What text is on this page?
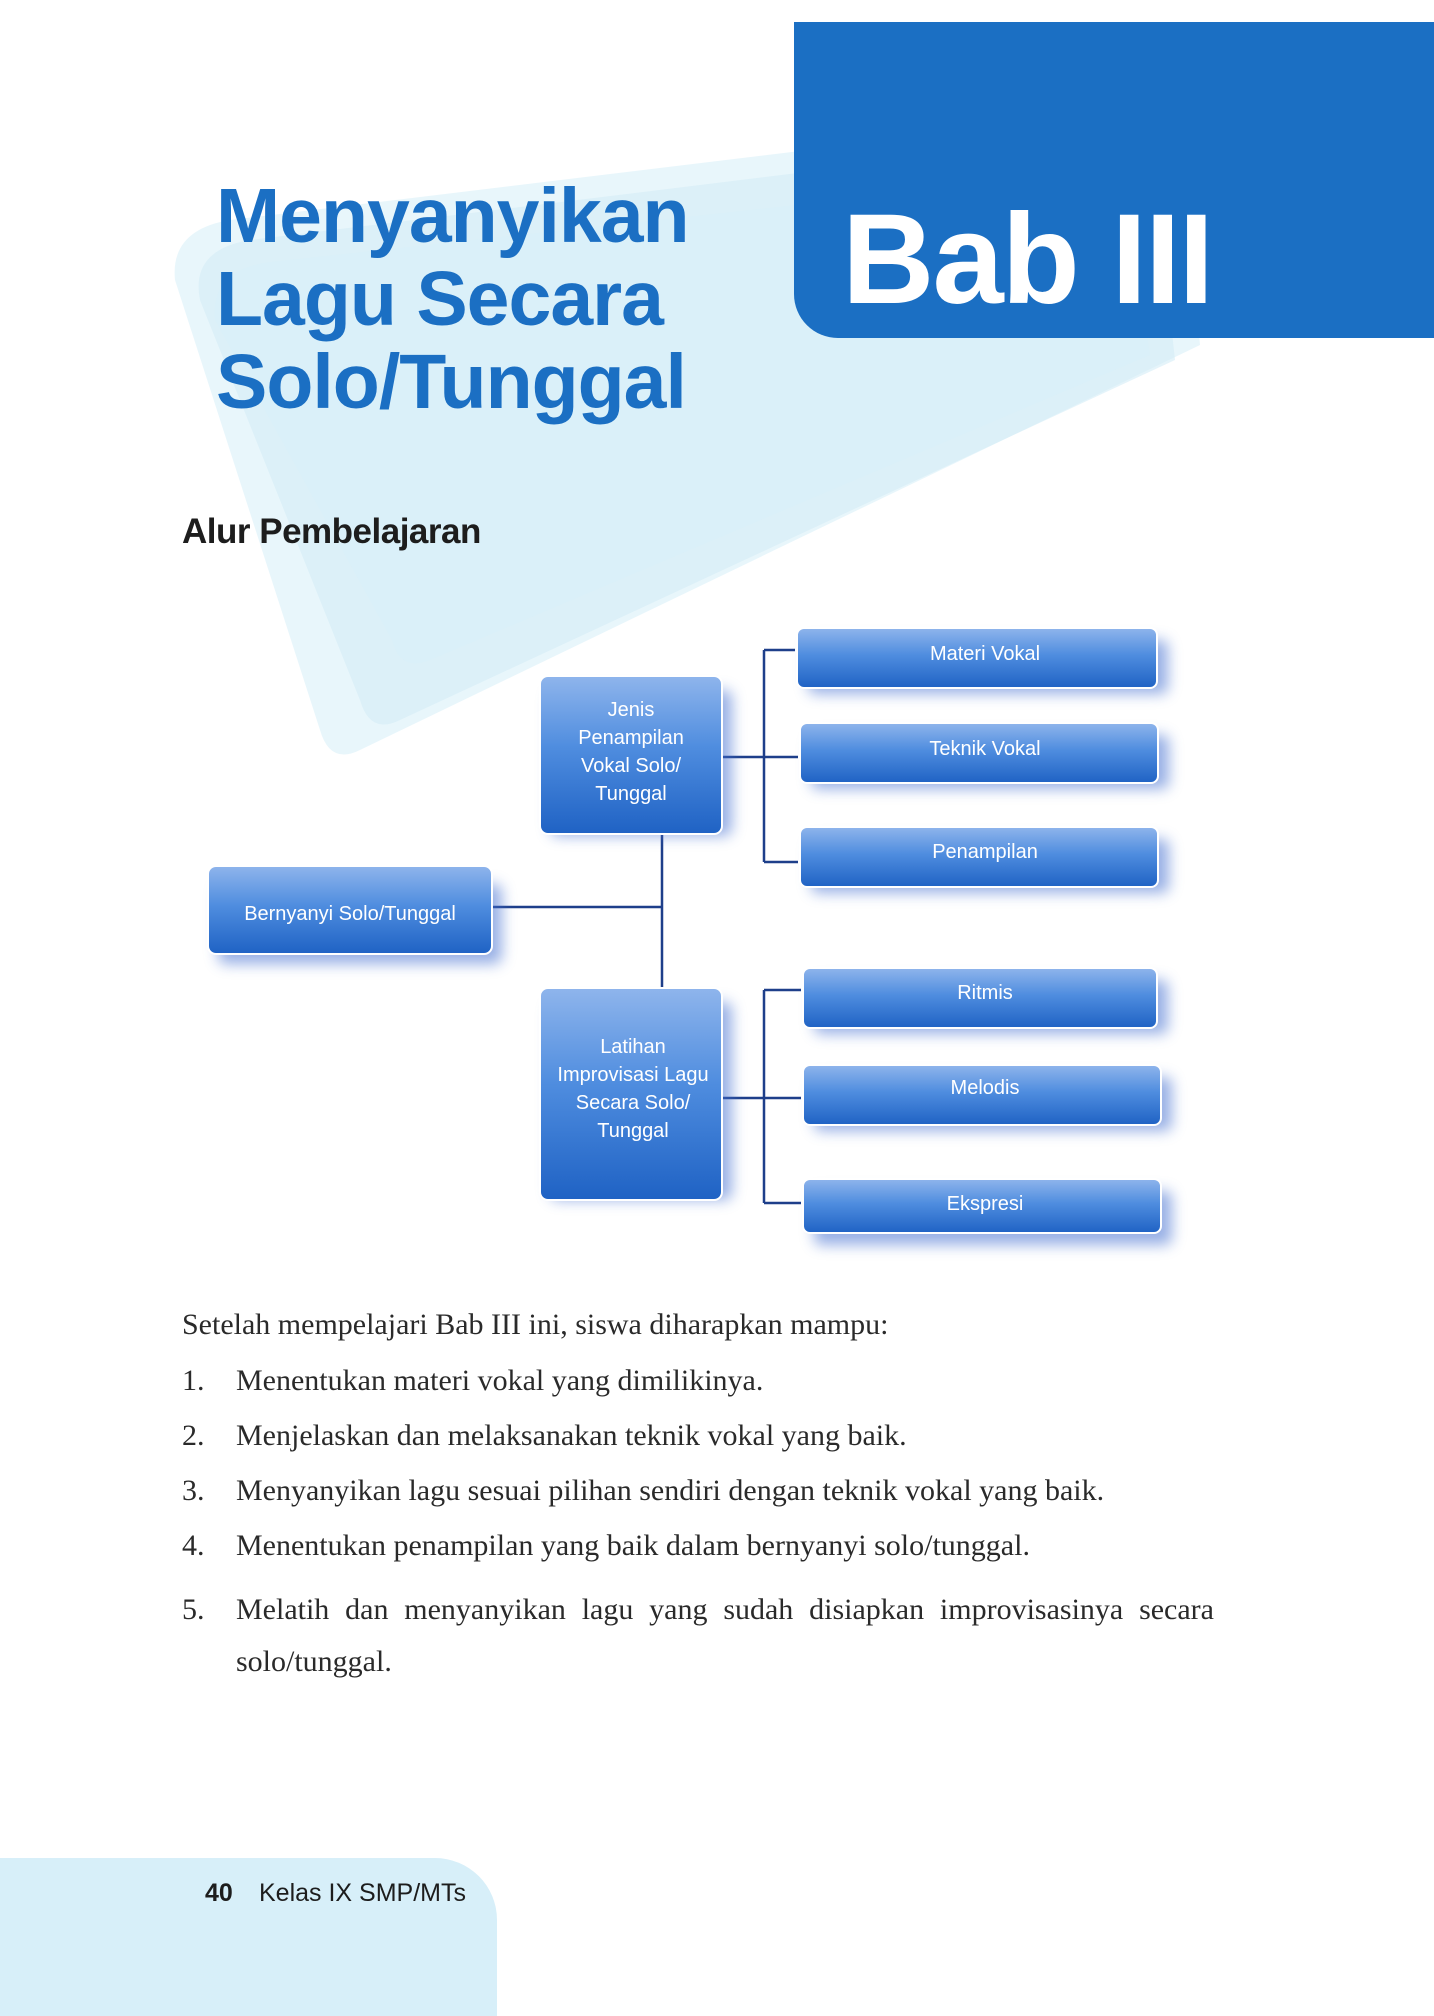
Bab III
Menyanyikan
Lagu Secara
Solo/Tunggal
Alur Pembelajaran
Bernyanyi Solo/Tunggal
Jenis
Penampilan
Vokal Solo/
Tunggal
Latihan
Improvisasi Lagu
Secara Solo/
Tunggal
Materi Vokal
Teknik Vokal
Penampilan
Ritmis
Melodis
Ekspresi

Setelah mempelajari Bab III ini, siswa diharapkan mampu:

1. Menentukan materi vokal yang dimilikinya.
2. Menjelaskan dan melaksanakan teknik vokal yang baik.
3. Menyanyikan lagu sesuai pilihan sendiri dengan teknik vokal yang baik.
4. Menentukan penampilan yang baik dalam bernyanyi solo/tunggal.
5. Melatih dan menyanyikan lagu yang sudah disiapkan improvisasinya secara solo/tunggal.
40 Kelas IX SMP/MTs
